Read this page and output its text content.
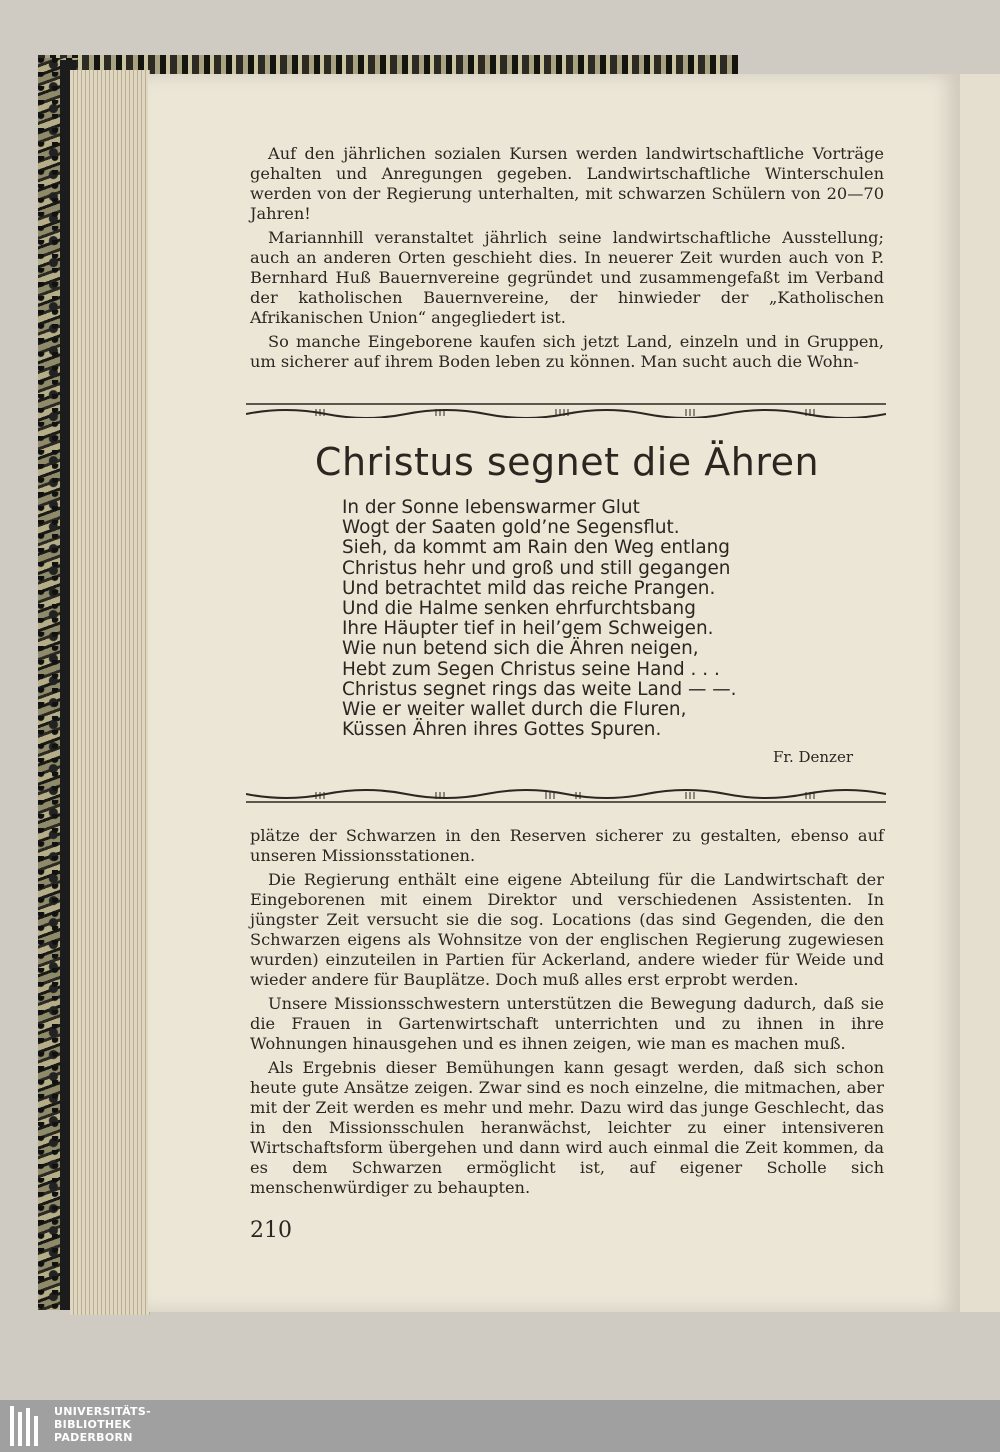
Auf den jährlichen sozialen Kursen werden landwirtschaftliche Vorträge gehalten und Anregungen gegeben. Landwirtschaftliche Winterschulen werden von der Regierung unterhalten, mit schwarzen Schülern von 20—70 Jahren!

Mariannhill veranstaltet jährlich seine landwirtschaftliche Ausstellung; auch an anderen Orten geschieht dies. In neuerer Zeit wurden auch von P. Bernhard Huß Bauernvereine gegründet und zusammengefaßt im Verband der katholischen Bauernvereine, der hinwieder der „Katholischen Afrikanischen Union“ angegliedert ist.

So manche Eingeborene kaufen sich jetzt Land, einzeln und in Gruppen, um sicherer auf ihrem Boden leben zu können. Man sucht auch die Wohn-

Christus segnet die Ähren
In der Sonne lebenswarmer Glut
Wogt der Saaten gold’ne Segensflut.
Sieh, da kommt am Rain den Weg entlang
Christus hehr und groß und still gegangen
Und betrachtet mild das reiche Prangen.
Und die Halme senken ehrfurchtsbang
Ihre Häupter tief in heil’gem Schweigen.
Wie nun betend sich die Ähren neigen,
Hebt zum Segen Christus seine Hand . . .
Christus segnet rings das weite Land — —.
Wie er weiter wallet durch die Fluren,
Küssen Ähren ihres Gottes Spuren.
Fr. Denzer

plätze der Schwarzen in den Reserven sicherer zu gestalten, ebenso auf unseren Missionsstationen.

Die Regierung enthält eine eigene Abteilung für die Landwirtschaft der Eingeborenen mit einem Direktor und verschiedenen Assistenten. In jüngster Zeit versucht sie die sog. Locations (das sind Gegenden, die den Schwarzen eigens als Wohnsitze von der englischen Regierung zugewiesen wurden) einzuteilen in Partien für Ackerland, andere wieder für Weide und wieder andere für Bauplätze. Doch muß alles erst erprobt werden.

Unsere Missionsschwestern unterstützen die Bewegung dadurch, daß sie die Frauen in Gartenwirtschaft unterrichten und zu ihnen in ihre Wohnungen hinausgehen und es ihnen zeigen, wie man es machen muß.

Als Ergebnis dieser Bemühungen kann gesagt werden, daß sich schon heute gute Ansätze zeigen. Zwar sind es noch einzelne, die mitmachen, aber mit der Zeit werden es mehr und mehr. Dazu wird das junge Geschlecht, das in den Missionsschulen heranwächst, leichter zu einer intensiveren Wirtschaftsform übergehen und dann wird auch einmal die Zeit kommen, da es dem Schwarzen ermöglicht ist, auf eigener Scholle sich menschenwürdiger zu behaupten.

210
UNIVERSITÄTS-
BIBLIOTHEK
PADERBORN
